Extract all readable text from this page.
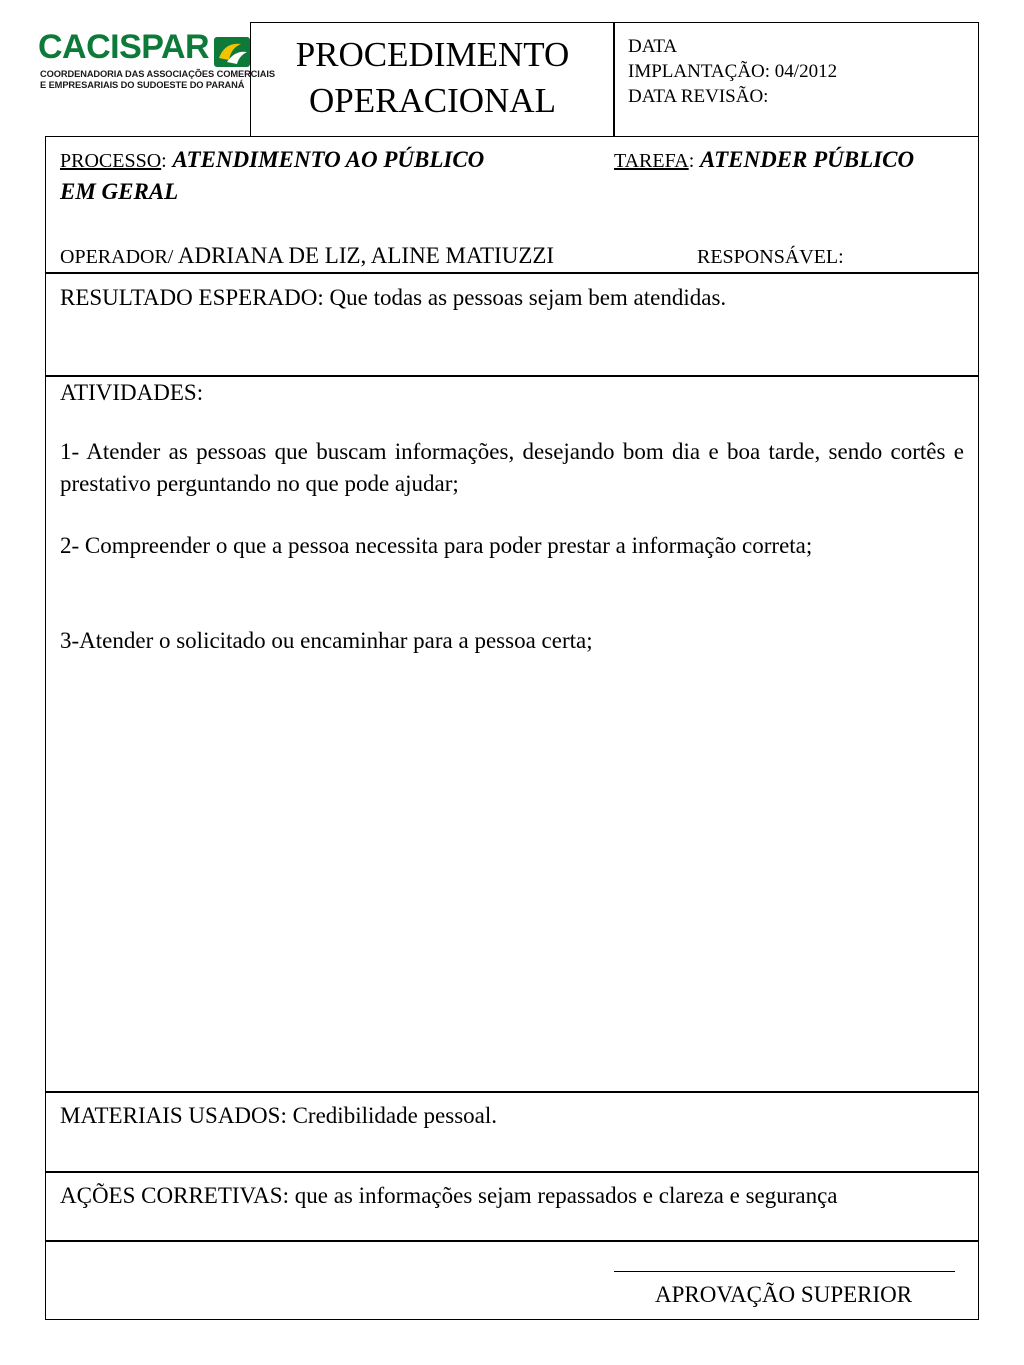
CACISPAR
COORDENADORIA DAS ASSOCIAÇÕES COMERCIAIS
E EMPRESARIAIS DO SUDOESTE DO PARANÁ
PROCEDIMENTO
OPERACIONAL
DATA
IMPLANTAÇÃO: 04/2012
DATA REVISÃO:
PROCESSO: ATENDIMENTO AO PÚBLICO	TAREFA: ATENDER PÚBLICO
EM GERAL
OPERADOR/ ADRIANA DE LIZ, ALINE MATIUZZI	RESPONSÁVEL:
RESULTADO ESPERADO: Que todas as pessoas sejam bem atendidas.
ATIVIDADES:
1- Atender as pessoas que buscam informações, desejando bom dia e boa tarde, sendo cortês e prestativo perguntando no que pode ajudar;
2- Compreender o que a pessoa necessita para poder prestar a informação correta;
3-Atender o solicitado ou encaminhar para a pessoa certa;
MATERIAIS USADOS: Credibilidade pessoal.
AÇÕES CORRETIVAS: que as informações sejam repassados e clareza e segurança
APROVAÇÃO SUPERIOR
